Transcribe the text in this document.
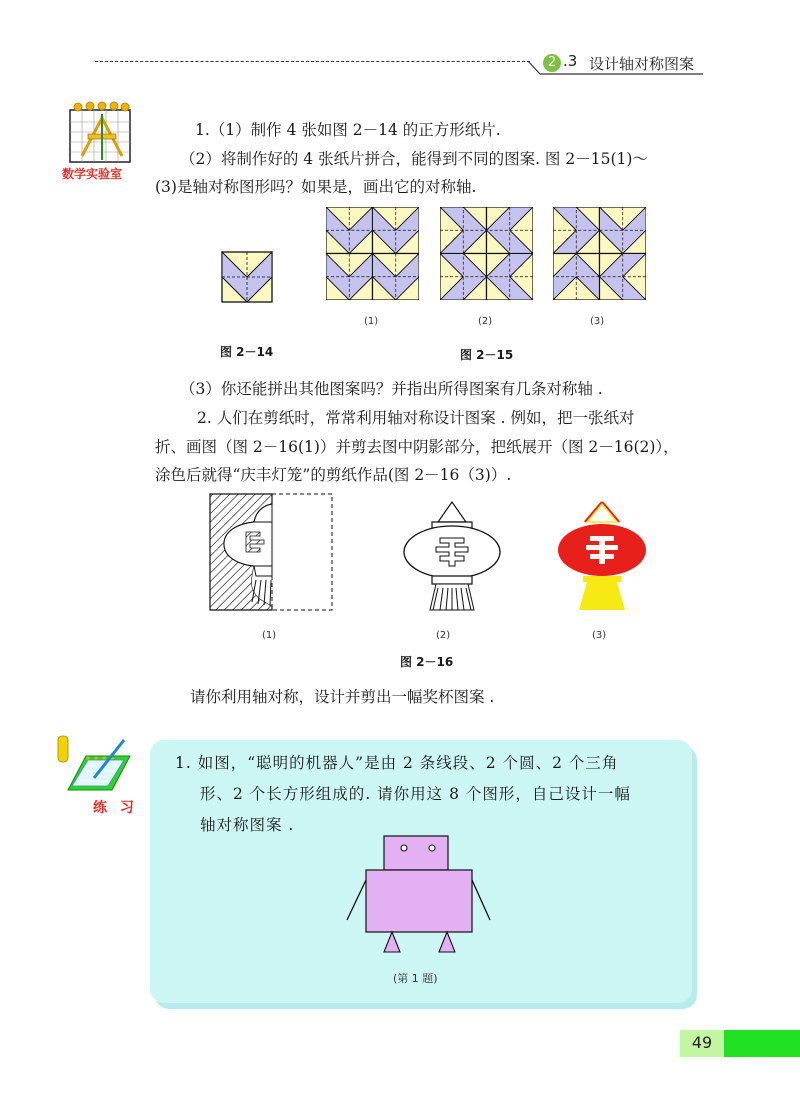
2 .3 设计轴对称图案
数学实验室
1.（1）制作 4 张如图 2－14 的正方形纸片.
（2）将制作好的 4 张纸片拼合，能得到不同的图案. 图 2－15(1)～
(3)是轴对称图形吗？如果是，画出它的对称轴.
(1)	(2)	(3)
图 2－14	图 2－15
（3）你还能拼出其他图案吗？并指出所得图案有几条对称轴 .
2. 人们在剪纸时，常常利用轴对称设计图案 . 例如，把一张纸对
折、画图（图 2－16(1)）并剪去图中阴影部分，把纸展开（图 2－16(2)），
涂色后就得“庆丰灯笼”的剪纸作品(图 2－16（3)）.
(1)	(2)	(3)
图 2－16
请你利用轴对称，设计并剪出一幅奖杯图案 .
练 习
1. 如图，“聪明的机器人”是由 2 条线段、2 个圆、2 个三角
形、2 个长方形组成的. 请你用这 8 个图形，自己设计一幅
轴对称图案 .
(第 1 题)
49
